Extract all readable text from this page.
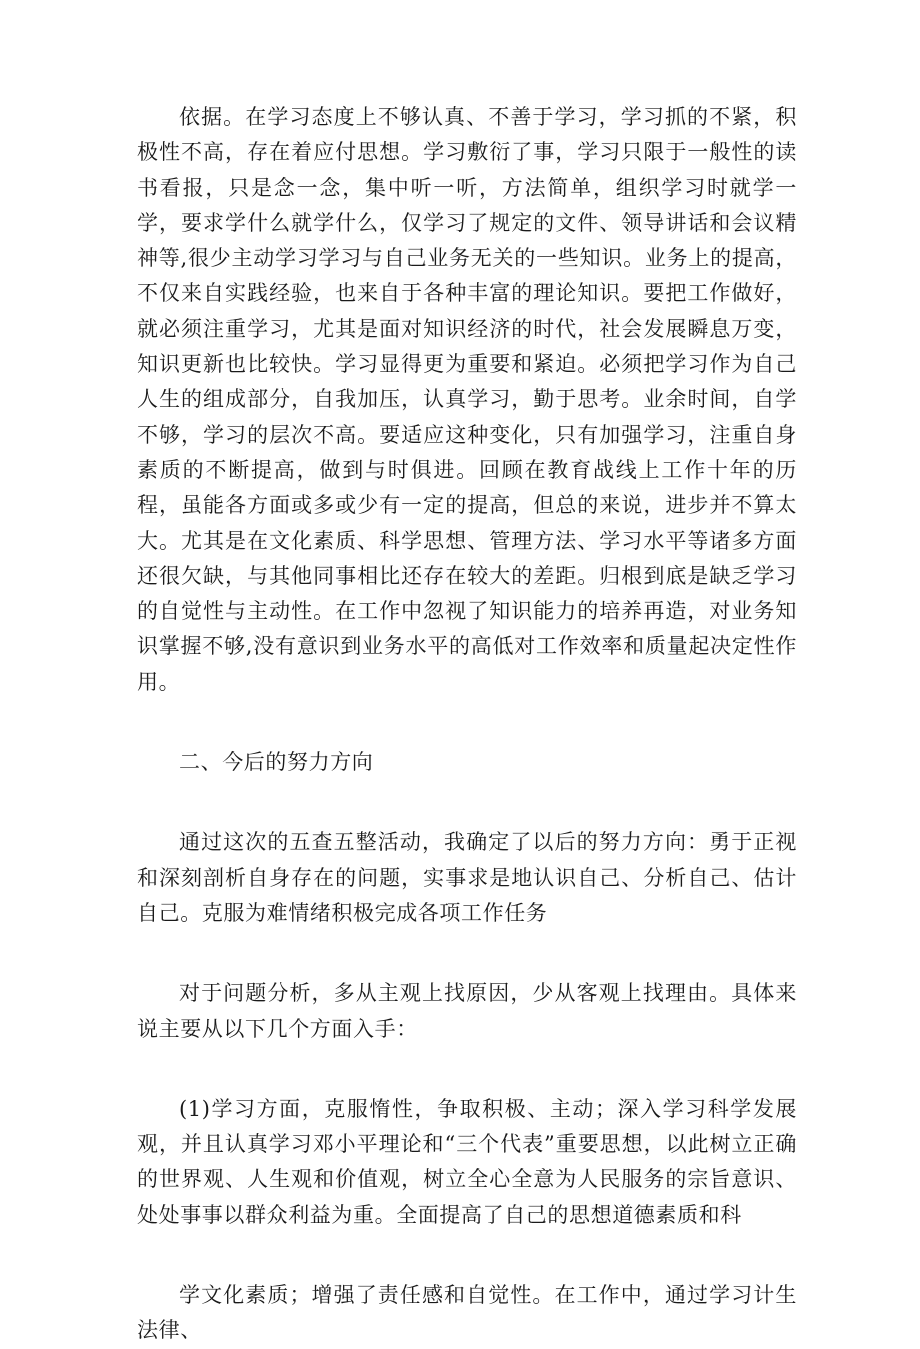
依据。在学习态度上不够认真、不善于学习，学习抓的不紧，积极性不高，存在着应付思想。学习敷衍了事，学习只限于一般性的读书看报，只是念一念，集中听一听，方法简单，组织学习时就学一学，要求学什么就学什么，仅学习了规定的文件、领导讲话和会议精神等,很少主动学习学习与自己业务无关的一些知识。业务上的提高，不仅来自实践经验，也来自于各种丰富的理论知识。要把工作做好，就必须注重学习，尤其是面对知识经济的时代，社会发展瞬息万变，知识更新也比较快。学习显得更为重要和紧迫。必须把学习作为自己人生的组成部分，自我加压，认真学习，勤于思考。业余时间，自学不够，学习的层次不高。要适应这种变化，只有加强学习，注重自身素质的不断提高，做到与时俱进。回顾在教育战线上工作十年的历程，虽能各方面或多或少有一定的提高，但总的来说，进步并不算太大。尤其是在文化素质、科学思想、管理方法、学习水平等诸多方面还很欠缺，与其他同事相比还存在较大的差距。归根到底是缺乏学习的自觉性与主动性。在工作中忽视了知识能力的培养再造，对业务知识掌握不够,没有意识到业务水平的高低对工作效率和质量起决定性作用。

二、今后的努力方向

通过这次的五查五整活动，我确定了以后的努力方向：勇于正视和深刻剖析自身存在的问题，实事求是地认识自己、分析自己、估计自己。克服为难情绪积极完成各项工作任务

对于问题分析，多从主观上找原因，少从客观上找理由。具体来说主要从以下几个方面入手：

(1)学习方面，克服惰性，争取积极、主动；深入学习科学发展观，并且认真学习邓小平理论和“三个代表”重要思想，以此树立正确的世界观、人生观和价值观，树立全心全意为人民服务的宗旨意识、处处事事以群众利益为重。全面提高了自己的思想道德素质和科

学文化素质；增强了责任感和自觉性。在工作中，通过学习计生法律、
